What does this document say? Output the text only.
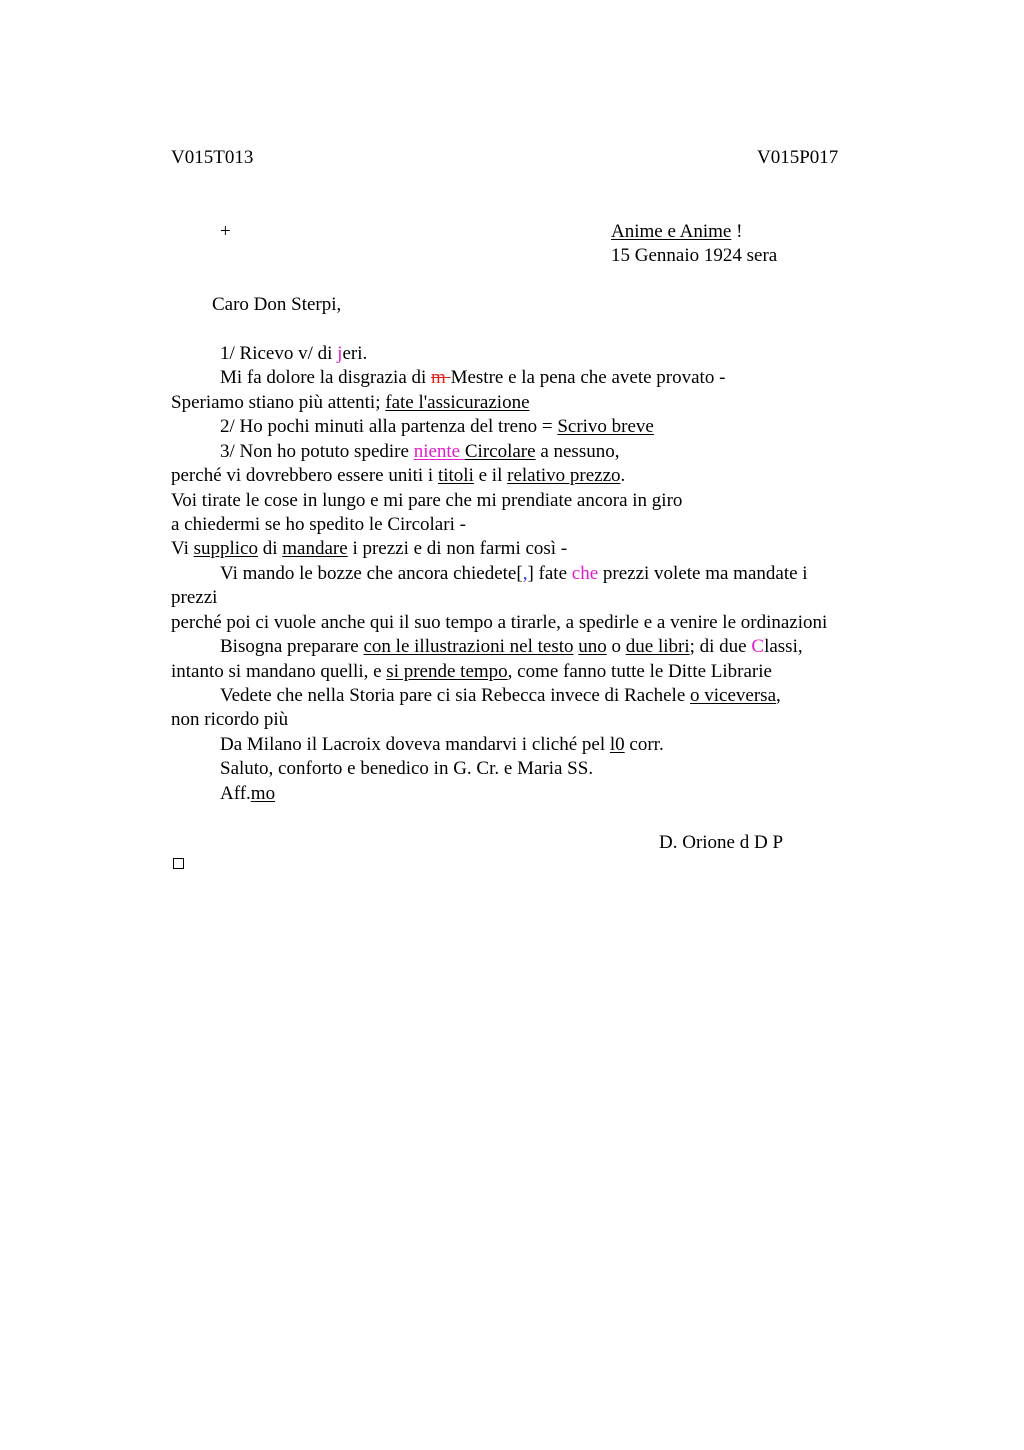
V015T013	V015P017
+	Anime e Anime !
15 Gennaio 1924 sera
Caro Don Sterpi,
1/ Ricevo v/ di jeri.
Mi fa dolore la disgrazia di m Mestre e la pena che avete provato -
Speriamo stiano più attenti; fate l'assicurazione
2/ Ho pochi minuti alla partenza del treno = Scrivo breve
3/ Non ho potuto spedire niente Circolare a nessuno,
perché vi dovrebbero essere uniti i titoli e il relativo prezzo.
Voi tirate le cose in lungo e mi pare che mi prendiate ancora in giro
a chiedermi se ho spedito le Circolari -
Vi supplico di mandare i prezzi e di non farmi così -
Vi mando le bozze che ancora chiedete[,] fate che prezzi volete ma mandate i
prezzi
perché poi ci vuole anche qui il suo tempo a tirarle, a spedirle e a venire le ordinazioni
Bisogna preparare con le illustrazioni nel testo uno o due libri; di due Classi,
intanto si mandano quelli, e si prende tempo, come fanno tutte le Ditte Librarie
Vedete che nella Storia pare ci sia Rebecca invece di Rachele o viceversa,
non ricordo più
Da Milano il Lacroix doveva mandarvi i cliché pel l0 corr.
Saluto, conforto e benedico in G. Cr. e Maria SS.
Aff.mo
D. Orione d D P
